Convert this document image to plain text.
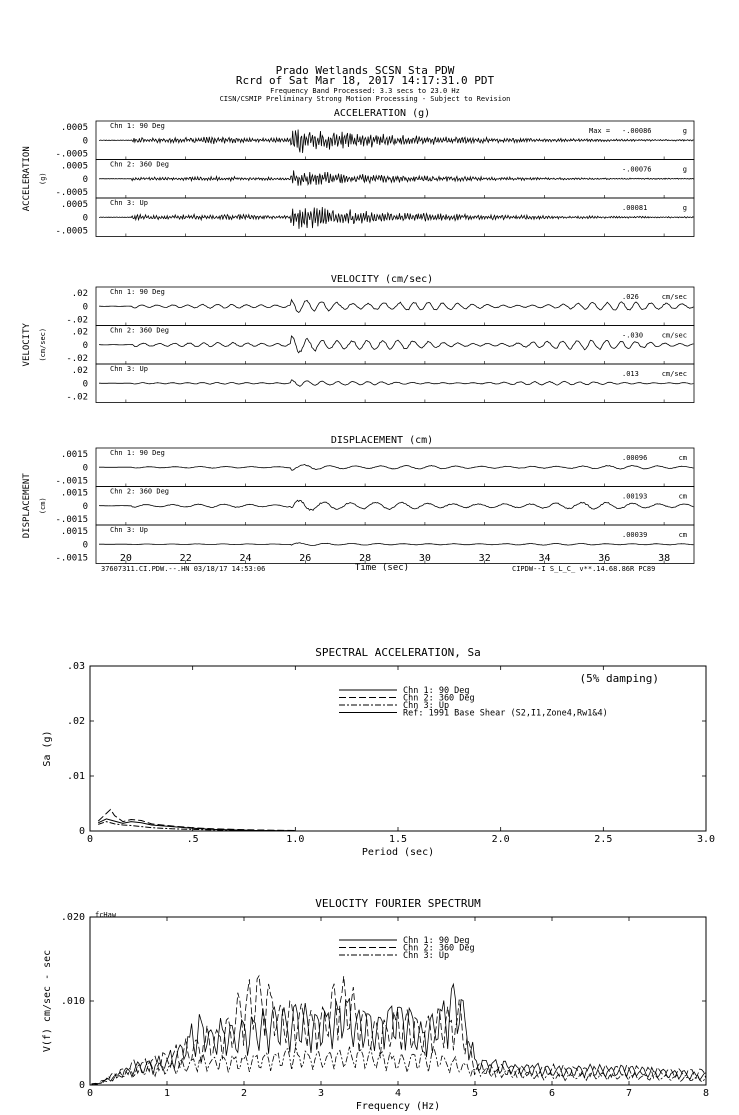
Prado Wetlands SCSN Sta PDW
Rcrd of Sat Mar 18, 2017 14:17:31.0 PDT
Frequency Band Processed: 3.3 secs to 23.0 Hz
CISN/CSMIP Preliminary Strong Motion Processing - Subject to Revision
ACCELERATION (g)
ACCELERATION (g)
.0005
0
-.0005
Chn 1: 90 Deg
Max = -.00086	g
.0005
0
-.0005
Chn 2: 360 Deg
-.00076	g
.0005
0
-.0005
Chn 3: Up
.00081	g
VELOCITY (cm/sec)
VELOCITY (cm/sec)
.02
0
-.02
Chn 1: 90 Deg
.026	cm/sec
.02
0
-.02
Chn 2: 360 Deg
-.030	cm/sec
.02
0
-.02
Chn 3: Up
.013	cm/sec
DISPLACEMENT (cm)
DISPLACEMENT (cm)
.0015
0
-.0015
Chn 1: 90 Deg
.00096	cm
.0015
0
-.0015
Chn 2: 360 Deg
.00193	cm
.0015
0
-.0015
Chn 3: Up
.00039	cm
20	22	24	26	28	30	32	34	36	38
37607311.CI.PDW.--.HN 03/18/17 14:53:06	Time (sec)	CIPDW--I S_L_C_ v**.14.68.86R PC89
SPECTRAL ACCELERATION, Sa
0	.5	1.0	1.5	2.0	2.5	3.0
0
.01
.02
.03
Period (sec)
Sa (g)
(5% damping)
Chn 1: 90 Deg
Chn 2: 360 Deg
Chn 3: Up
Ref: 1991 Base Shear (S2,I1,Zone4,Rw1&4)
VELOCITY FOURIER SPECTRUM
0	1	2	3	4	5	6	7	8
0
.010
.020
Frequency (Hz)
V(f) cm/sec - sec
fcHaw
Chn 1: 90 Deg
Chn 2: 360 Deg
Chn 3: Up
